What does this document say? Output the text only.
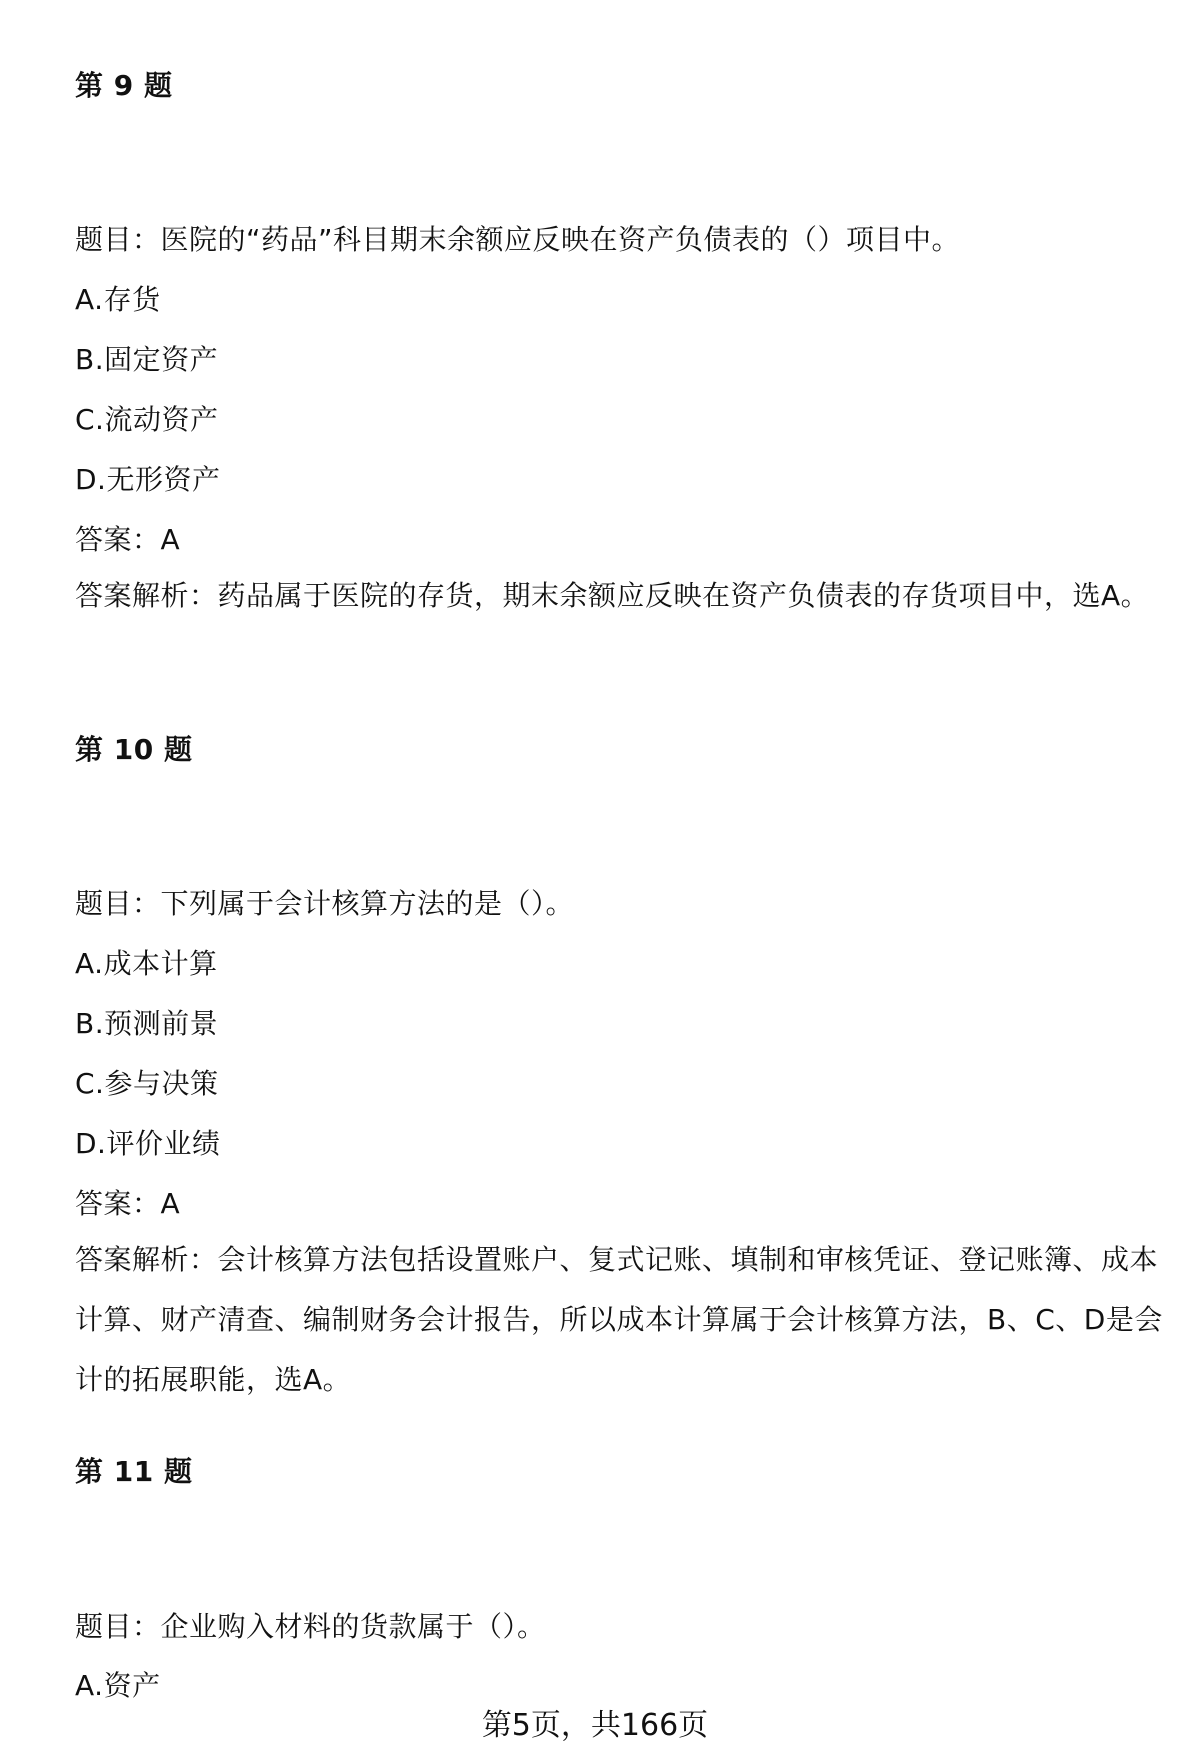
第 9 题
题目：医院的“药品”科目期末余额应反映在资产负债表的（）项目中。
A.存货
B.固定资产
C.流动资产
D.无形资产
答案：A

答案解析：药品属于医院的存货，期末余额应反映在资产负债表的存货项目中，选A。

第 10 题
题目：下列属于会计核算方法的是（）。
A.成本计算
B.预测前景
C.参与决策
D.评价业绩
答案：A

答案解析：会计核算方法包括设置账户、复式记账、填制和审核凭证、登记账簿、成本计算、财产清查、编制财务会计报告，所以成本计算属于会计核算方法，B、C、D是会计的拓展职能，选A。

第 11 题
题目：企业购入材料的货款属于（）。
A.资产
第5页，共166页
